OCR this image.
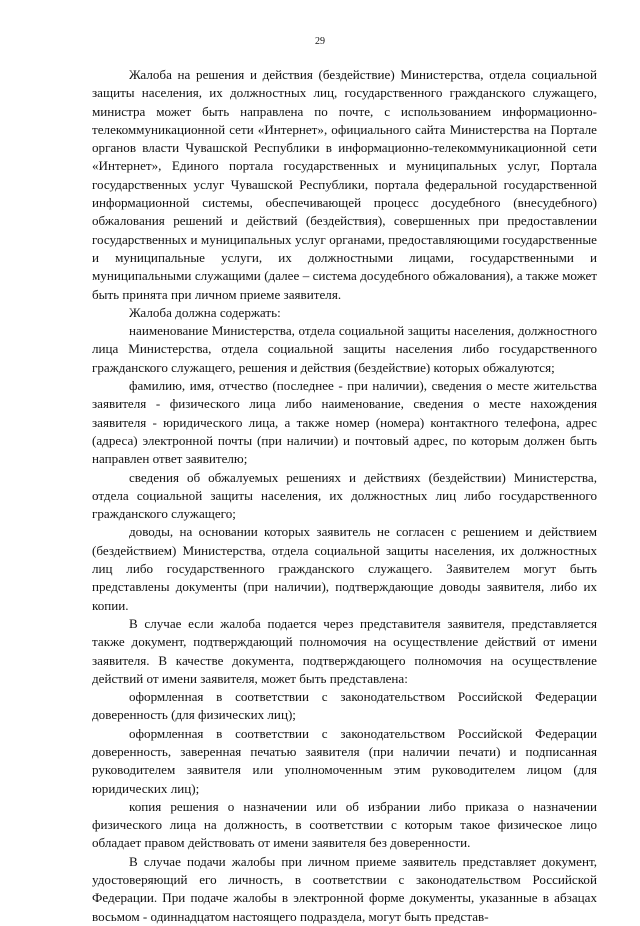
29

Жалоба на решения и действия (бездействие) Министерства, отдела социальной защиты населения, их должностных лиц, государственного гражданского служащего, министра может быть направлена по почте, с использованием информационно-телекоммуникационной сети «Интернет», официального сайта Министерства на Портале органов власти Чувашской Республики в информационно-телекоммуникационной сети «Интернет», Единого портала государственных и муниципальных услуг, Портала государственных услуг Чувашской Республики, портала федеральной государственной информационной системы, обеспечивающей процесс досудебного (внесудебного) обжалования решений и действий (бездействия), совершенных при предоставлении государственных и муниципальных услуг органами, предоставляющими государственные и муниципальные услуги, их должностными лицами, государственными и муниципальными служащими (далее – система досудебного обжалования), а также может быть принята при личном приеме заявителя.

Жалоба должна содержать:

наименование Министерства, отдела социальной защиты населения, должностного лица Министерства, отдела социальной защиты населения либо государственного гражданского служащего, решения и действия (бездействие) которых обжалуются;

фамилию, имя, отчество (последнее - при наличии), сведения о месте жительства заявителя - физического лица либо наименование, сведения о месте нахождения заявителя - юридического лица, а также номер (номера) контактного телефона, адрес (адреса) электронной почты (при наличии) и почтовый адрес, по которым должен быть направлен ответ заявителю;

сведения об обжалуемых решениях и действиях (бездействии) Министерства, отдела социальной защиты населения, их должностных лиц либо государственного гражданского служащего;

доводы, на основании которых заявитель не согласен с решением и действием (бездействием) Министерства, отдела социальной защиты населения, их должностных лиц либо государственного гражданского служащего. Заявителем могут быть представлены документы (при наличии), подтверждающие доводы заявителя, либо их копии.

В случае если жалоба подается через представителя заявителя, представляется также документ, подтверждающий полномочия на осуществление действий от имени заявителя. В качестве документа, подтверждающего полномочия на осуществление действий от имени заявителя, может быть представлена:

оформленная в соответствии с законодательством Российской Федерации доверенность (для физических лиц);

оформленная в соответствии с законодательством Российской Федерации доверенность, заверенная печатью заявителя (при наличии печати) и подписанная руководителем заявителя или уполномоченным этим руководителем лицом (для юридических лиц);

копия решения о назначении или об избрании либо приказа о назначении физического лица на должность, в соответствии с которым такое физическое лицо обладает правом действовать от имени заявителя без доверенности.

В случае подачи жалобы при личном приеме заявитель представляет документ, удостоверяющий его личность, в соответствии с законодательством Российской Федерации. При подаче жалобы в электронной форме документы, указанные в абзацах восьмом - одиннадцатом настоящего подраздела, могут быть представ-
